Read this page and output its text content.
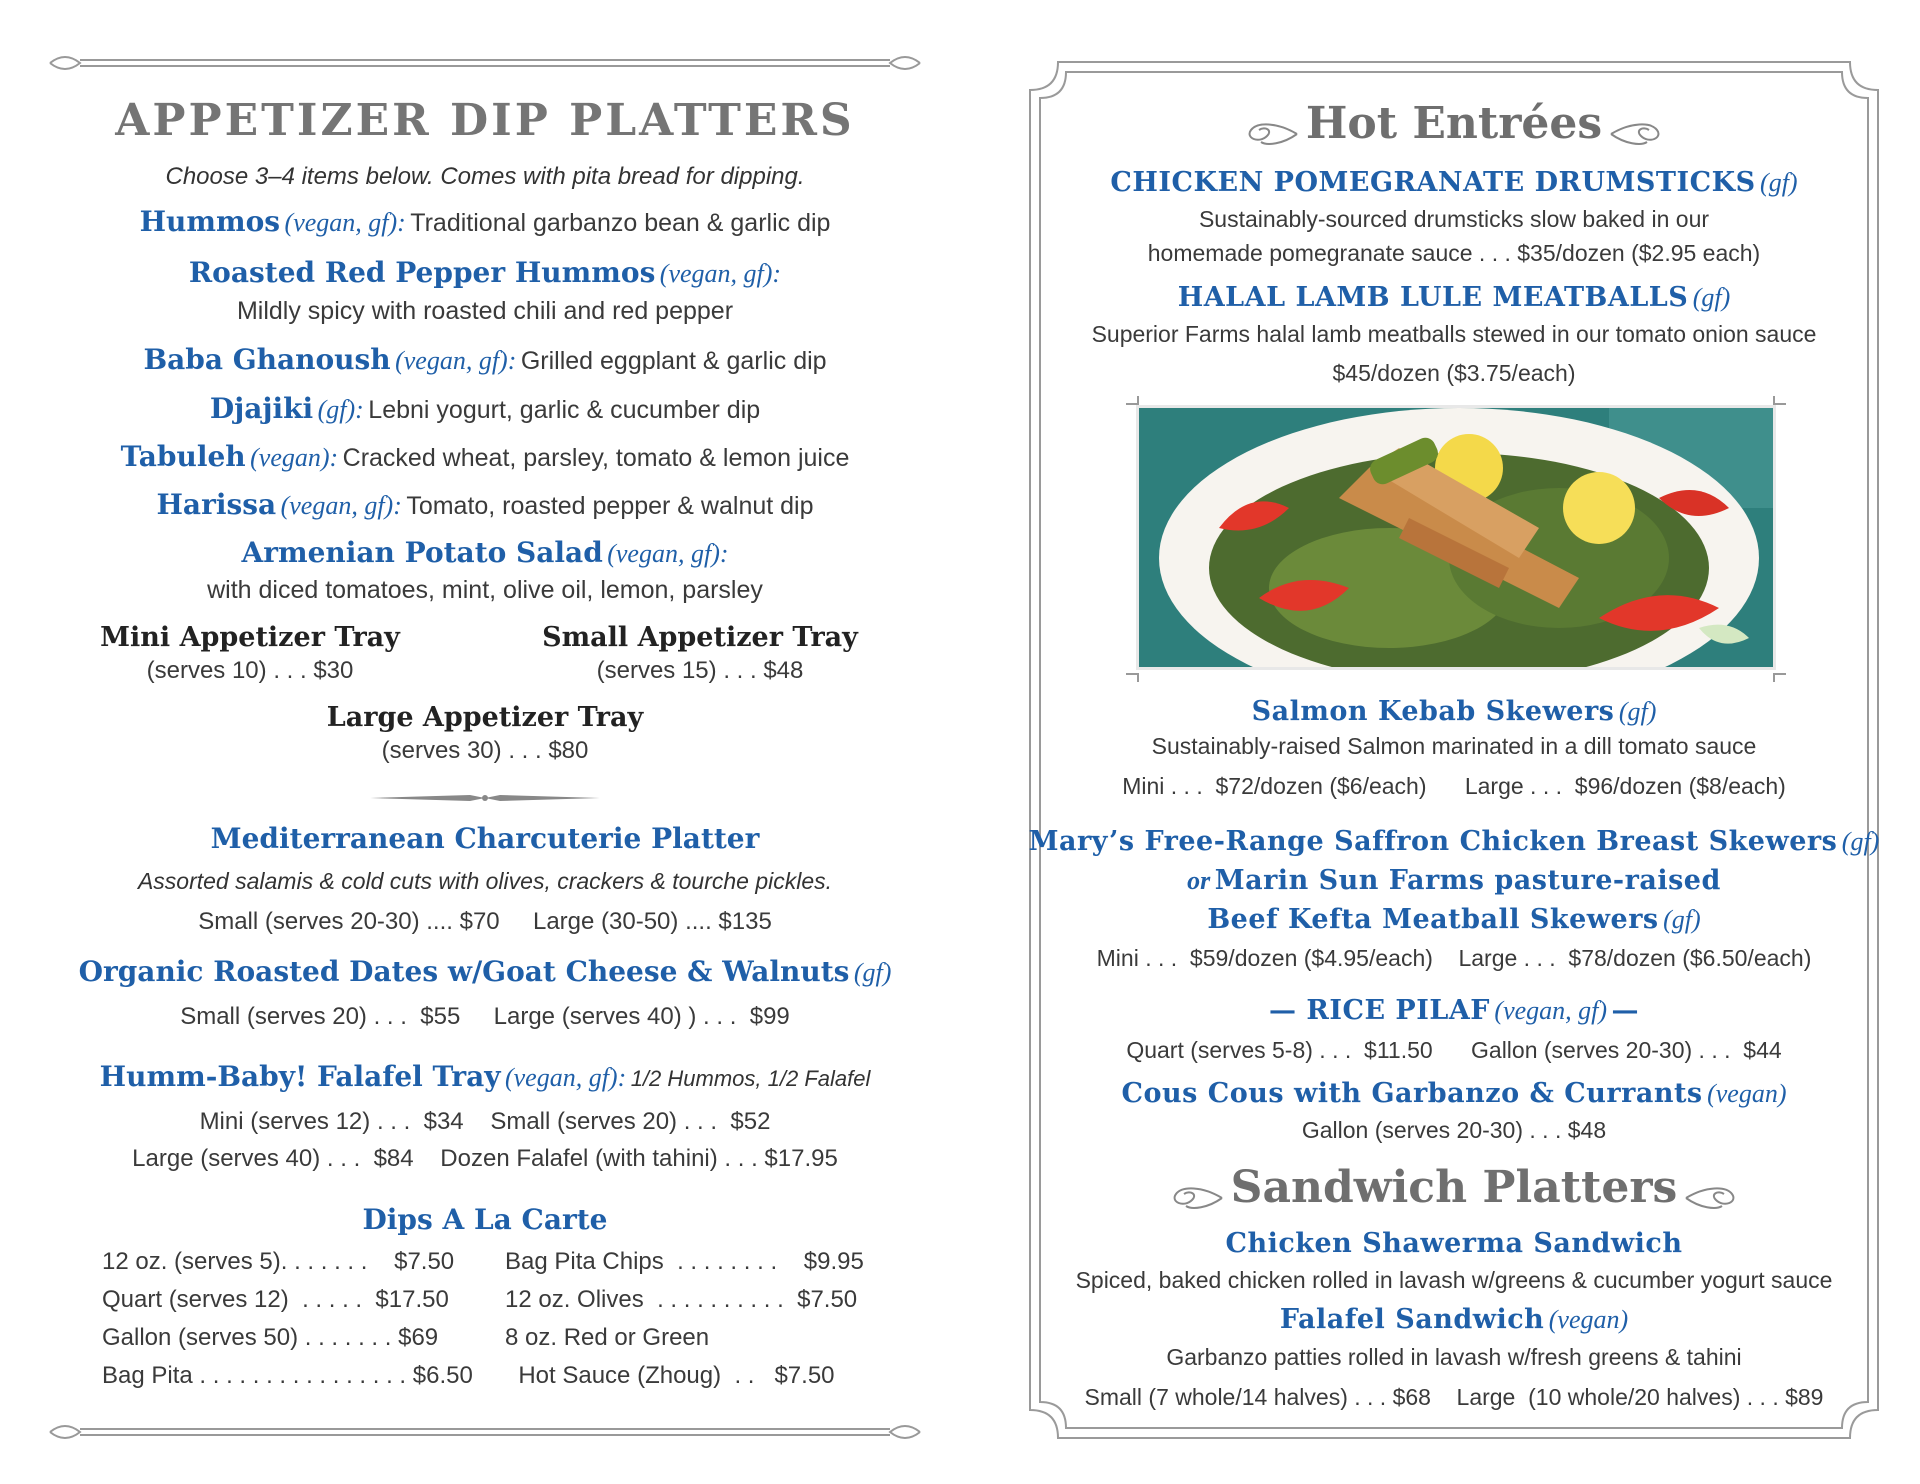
APPETIZER DIP PLATTERS
Choose 3–4 items below. Comes with pita bread for dipping.
Hummos (vegan, gf): Traditional garbanzo bean & garlic dip
Roasted Red Pepper Hummos (vegan, gf):
Mildly spicy with roasted chili and red pepper
Baba Ghanoush (vegan, gf): Grilled eggplant & garlic dip
Djajiki (gf): Lebni yogurt, garlic & cucumber dip
Tabuleh (vegan): Cracked wheat, parsley, tomato & lemon juice
Harissa (vegan, gf): Tomato, roasted pepper & walnut dip
Armenian Potato Salad (vegan, gf):
with diced tomatoes, mint, olive oil, lemon, parsley
Mini Appetizer Tray
(serves 10) . . . $30
Small Appetizer Tray
(serves 15) . . . $48
Large Appetizer Tray
(serves 30) . . . $80
Mediterranean Charcuterie Platter
Assorted salamis & cold cuts with olives, crackers & tourche pickles.
Small (serves 20-30) .... $70     Large (30-50) .... $135
Organic Roasted Dates w/Goat Cheese & Walnuts (gf)
Small (serves 20) . . .  $55     Large (serves 40) ) . . .  $99
Humm-Baby! Falafel Tray (vegan, gf): 1/2 Hummos, 1/2 Falafel
Mini (serves 12) . . .  $34    Small (serves 20) . . .  $52
Large (serves 40) . . .  $84    Dozen Falafel (with tahini) . . . $17.95
Dips A La Carte
12 oz. (serves 5). . . . . . .    $7.50
Quart (serves 12)  . . . . .  $17.50
Gallon (serves 50) . . . . . . . $69
Bag Pita . . . . . . . . . . . . . . . . $6.50
Bag Pita Chips  . . . . . . . .    $9.95
12 oz. Olives  . . . . . . . . . .  $7.50
8 oz. Red or Green
Hot Sauce (Zhoug)  . .   $7.50
Hot Entrées
CHICKEN POMEGRANATE DRUMSTICKS (gf)
Sustainably-sourced drumsticks slow baked in our
homemade pomegranate sauce . . . $35/dozen ($2.95 each)
HALAL LAMB LULE MEATBALLS (gf)
Superior Farms halal lamb meatballs stewed in our tomato onion sauce
$45/dozen ($3.75/each)
Salmon Kebab Skewers (gf)
Sustainably-raised Salmon marinated in a dill tomato sauce
Mini . . .  $72/dozen ($6/each)      Large . . .  $96/dozen ($8/each)
Mary’s Free-Range Saffron Chicken Breast Skewers (gf)
or Marin Sun Farms pasture-raised
Beef Kefta Meatball Skewers (gf)
Mini . . .  $59/dozen ($4.95/each)    Large . . .  $78/dozen ($6.50/each)
— RICE PILAF (vegan, gf) —
Quart (serves 5-8) . . .  $11.50      Gallon (serves 20-30) . . .  $44
Cous Cous with Garbanzo & Currants (vegan)
Gallon (serves 20-30) . . . $48
Sandwich Platters
Chicken Shawerma Sandwich
Spiced, baked chicken rolled in lavash w/greens & cucumber yogurt sauce
Falafel Sandwich (vegan)
Garbanzo patties rolled in lavash w/fresh greens & tahini
Small (7 whole/14 halves) . . . $68    Large  (10 whole/20 halves) . . . $89
